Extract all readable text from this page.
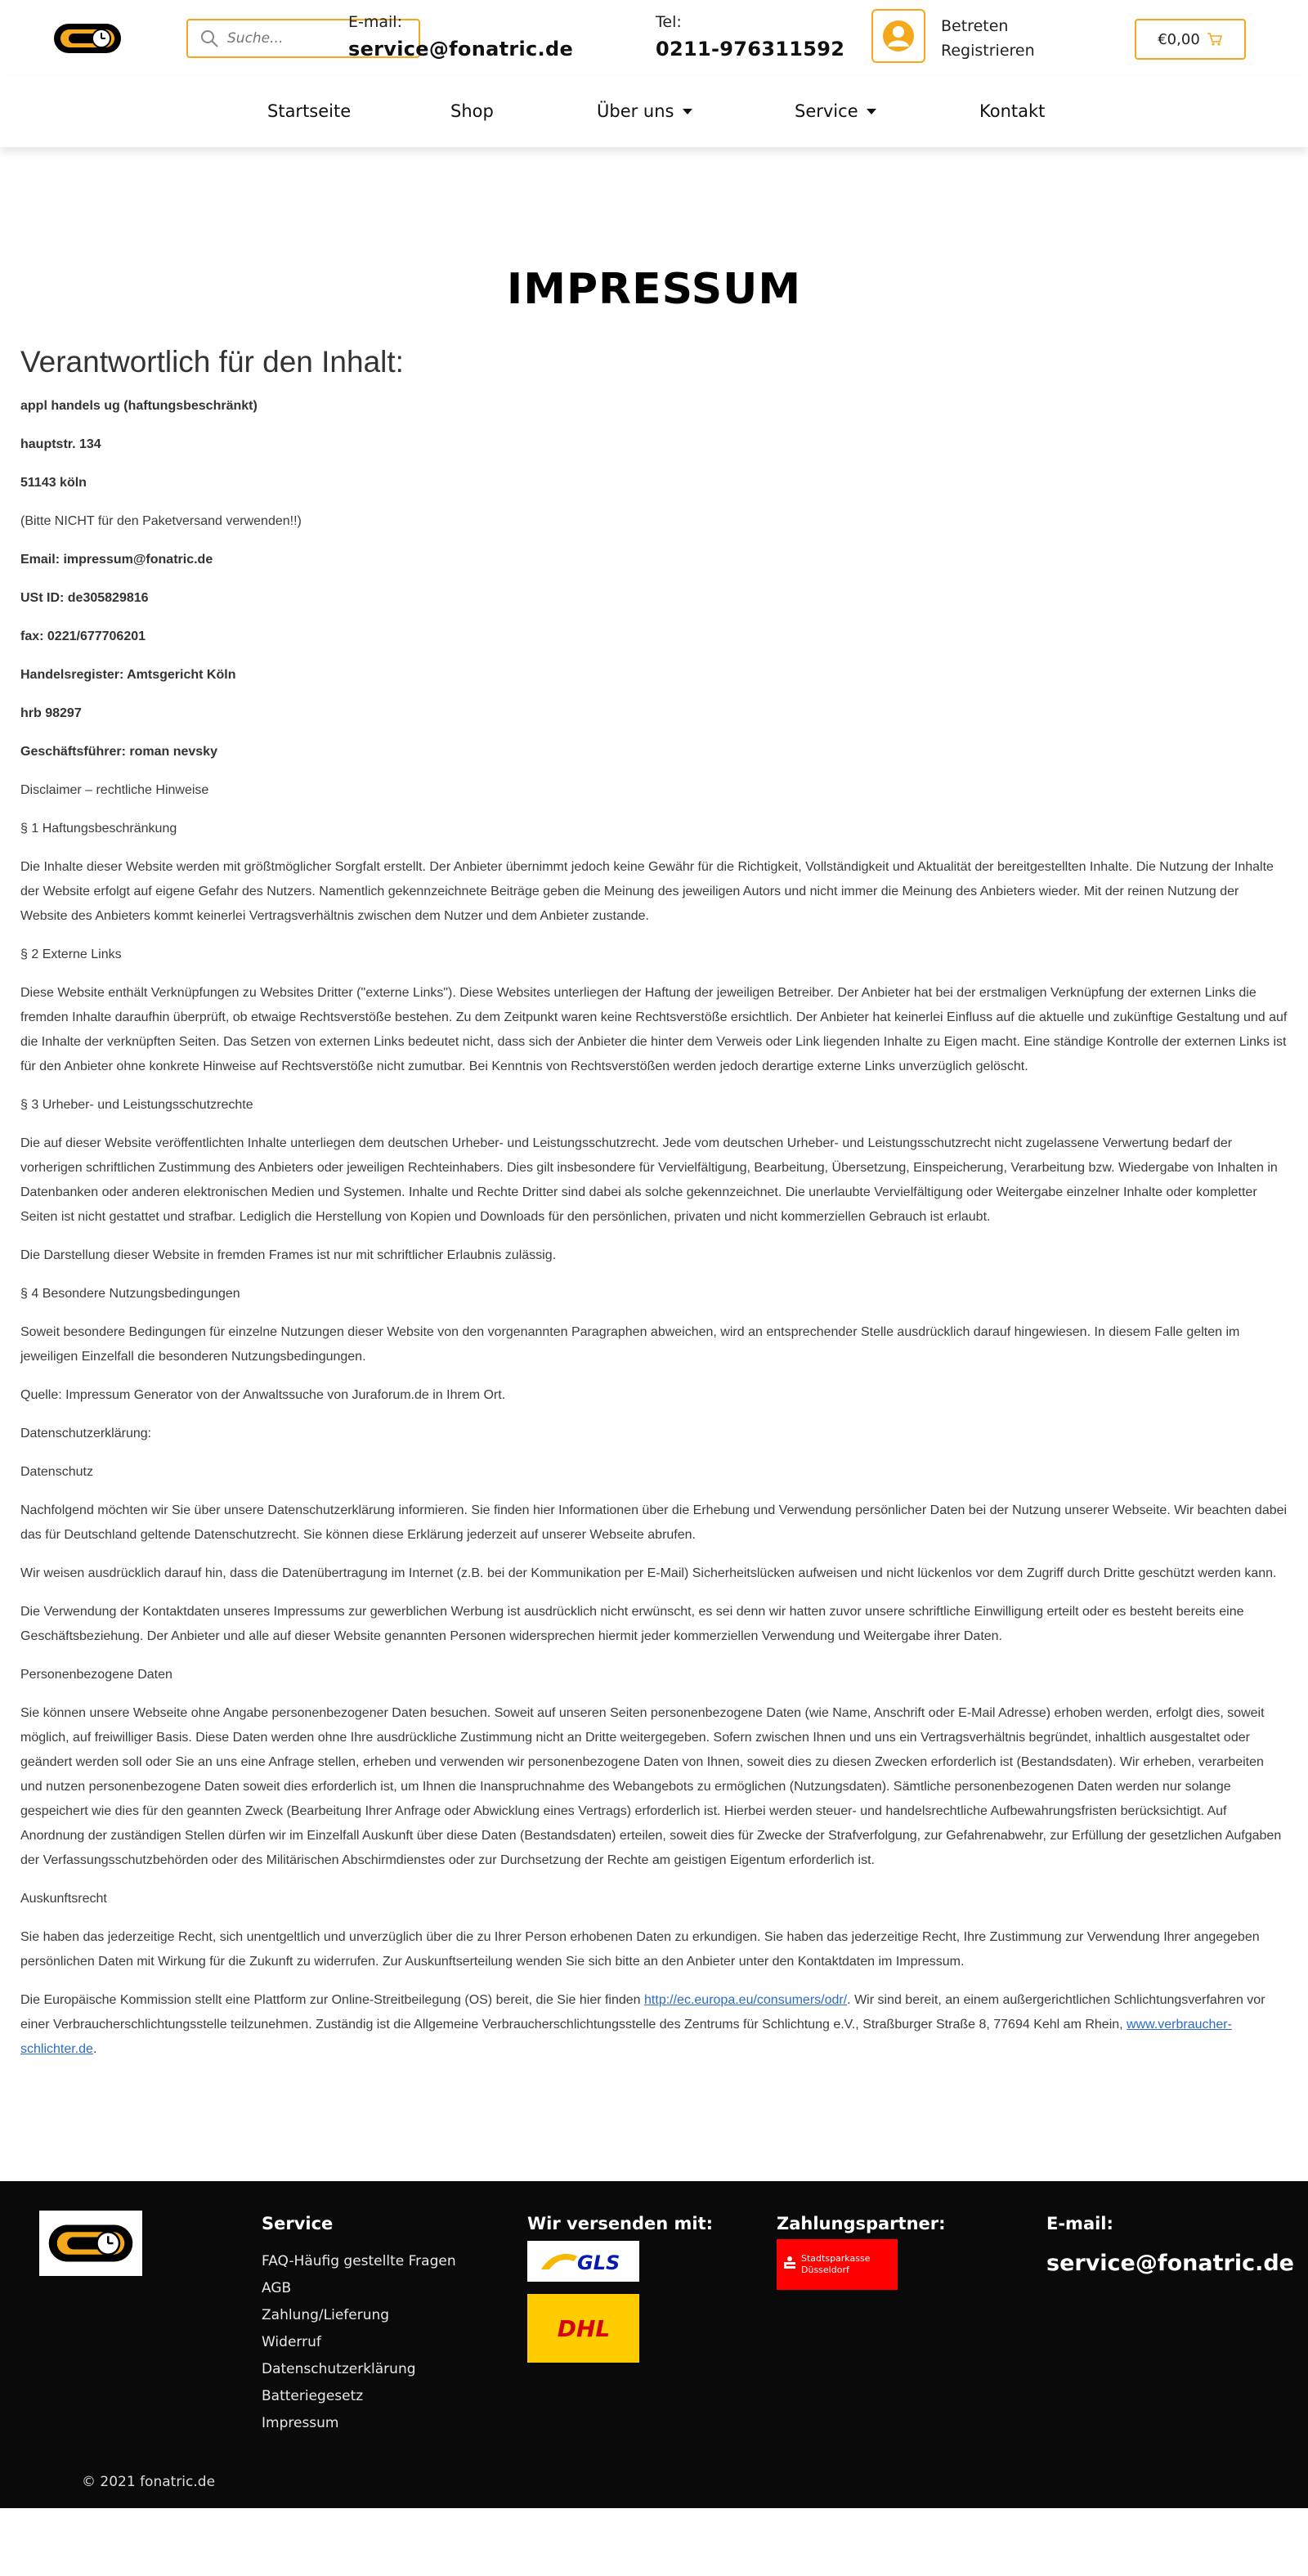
Suche...
E-mail:
service@fonatric.de
Tel:
0211-976311592
Betreten
Registrieren
€0,00
Startseite	Shop	Über uns	Service	Kontakt
IMPRESSUM
Verantwortlich für den Inhalt:

appl handels ug (haftungsbeschränkt)

hauptstr. 134

51143 köln

(Bitte NICHT für den Paketversand verwenden!!)

Email: impressum@fonatric.de

USt ID: de305829816

fax: 0221/677706201

Handelsregister: Amtsgericht Köln

hrb 98297

Geschäftsführer: roman nevsky

Disclaimer – rechtliche Hinweise

§ 1 Haftungsbeschränkung

Die Inhalte dieser Website werden mit größtmöglicher Sorgfalt erstellt. Der Anbieter übernimmt jedoch keine Gewähr für die Richtigkeit, Vollständigkeit und Aktualität der bereitgestellten Inhalte. Die Nutzung der Inhalte der Website erfolgt auf eigene Gefahr des Nutzers. Namentlich gekennzeichnete Beiträge geben die Meinung des jeweiligen Autors und nicht immer die Meinung des Anbieters wieder. Mit der reinen Nutzung der Website des Anbieters kommt keinerlei Vertragsverhältnis zwischen dem Nutzer und dem Anbieter zustande.

§ 2 Externe Links

Diese Website enthält Verknüpfungen zu Websites Dritter ("externe Links"). Diese Websites unterliegen der Haftung der jeweiligen Betreiber. Der Anbieter hat bei der erstmaligen Verknüpfung der externen Links die fremden Inhalte daraufhin überprüft, ob etwaige Rechtsverstöße bestehen. Zu dem Zeitpunkt waren keine Rechtsverstöße ersichtlich. Der Anbieter hat keinerlei Einfluss auf die aktuelle und zukünftige Gestaltung und auf die Inhalte der verknüpften Seiten. Das Setzen von externen Links bedeutet nicht, dass sich der Anbieter die hinter dem Verweis oder Link liegenden Inhalte zu Eigen macht. Eine ständige Kontrolle der externen Links ist für den Anbieter ohne konkrete Hinweise auf Rechtsverstöße nicht zumutbar. Bei Kenntnis von Rechtsverstößen werden jedoch derartige externe Links unverzüglich gelöscht.

§ 3 Urheber- und Leistungsschutzrechte

Die auf dieser Website veröffentlichten Inhalte unterliegen dem deutschen Urheber- und Leistungsschutzrecht. Jede vom deutschen Urheber- und Leistungsschutzrecht nicht zugelassene Verwertung bedarf der vorherigen schriftlichen Zustimmung des Anbieters oder jeweiligen Rechteinhabers. Dies gilt insbesondere für Vervielfältigung, Bearbeitung, Übersetzung, Einspeicherung, Verarbeitung bzw. Wiedergabe von Inhalten in Datenbanken oder anderen elektronischen Medien und Systemen. Inhalte und Rechte Dritter sind dabei als solche gekennzeichnet. Die unerlaubte Vervielfältigung oder Weitergabe einzelner Inhalte oder kompletter Seiten ist nicht gestattet und strafbar. Lediglich die Herstellung von Kopien und Downloads für den persönlichen, privaten und nicht kommerziellen Gebrauch ist erlaubt.

Die Darstellung dieser Website in fremden Frames ist nur mit schriftlicher Erlaubnis zulässig.

§ 4 Besondere Nutzungsbedingungen

Soweit besondere Bedingungen für einzelne Nutzungen dieser Website von den vorgenannten Paragraphen abweichen, wird an entsprechender Stelle ausdrücklich darauf hingewiesen. In diesem Falle gelten im jeweiligen Einzelfall die besonderen Nutzungsbedingungen.

Quelle: Impressum Generator von der Anwaltssuche von Juraforum.de in Ihrem Ort.

Datenschutzerklärung:

Datenschutz

Nachfolgend möchten wir Sie über unsere Datenschutzerklärung informieren. Sie finden hier Informationen über die Erhebung und Verwendung persönlicher Daten bei der Nutzung unserer Webseite. Wir beachten dabei das für Deutschland geltende Datenschutzrecht. Sie können diese Erklärung jederzeit auf unserer Webseite abrufen.

Wir weisen ausdrücklich darauf hin, dass die Datenübertragung im Internet (z.B. bei der Kommunikation per E-Mail) Sicherheitslücken aufweisen und nicht lückenlos vor dem Zugriff durch Dritte geschützt werden kann.

Die Verwendung der Kontaktdaten unseres Impressums zur gewerblichen Werbung ist ausdrücklich nicht erwünscht, es sei denn wir hatten zuvor unsere schriftliche Einwilligung erteilt oder es besteht bereits eine Geschäftsbeziehung. Der Anbieter und alle auf dieser Website genannten Personen widersprechen hiermit jeder kommerziellen Verwendung und Weitergabe ihrer Daten.

Personenbezogene Daten

Sie können unsere Webseite ohne Angabe personenbezogener Daten besuchen. Soweit auf unseren Seiten personenbezogene Daten (wie Name, Anschrift oder E-Mail Adresse) erhoben werden, erfolgt dies, soweit möglich, auf freiwilliger Basis. Diese Daten werden ohne Ihre ausdrückliche Zustimmung nicht an Dritte weitergegeben. Sofern zwischen Ihnen und uns ein Vertragsverhältnis begründet, inhaltlich ausgestaltet oder geändert werden soll oder Sie an uns eine Anfrage stellen, erheben und verwenden wir personenbezogene Daten von Ihnen, soweit dies zu diesen Zwecken erforderlich ist (Bestandsdaten). Wir erheben, verarbeiten und nutzen personenbezogene Daten soweit dies erforderlich ist, um Ihnen die Inanspruchnahme des Webangebots zu ermöglichen (Nutzungsdaten). Sämtliche personenbezogenen Daten werden nur solange gespeichert wie dies für den geannten Zweck (Bearbeitung Ihrer Anfrage oder Abwicklung eines Vertrags) erforderlich ist. Hierbei werden steuer- und handelsrechtliche Aufbewahrungsfristen berücksichtigt. Auf Anordnung der zuständigen Stellen dürfen wir im Einzelfall Auskunft über diese Daten (Bestandsdaten) erteilen, soweit dies für Zwecke der Strafverfolgung, zur Gefahrenabwehr, zur Erfüllung der gesetzlichen Aufgaben der Verfassungsschutzbehörden oder des Militärischen Abschirmdienstes oder zur Durchsetzung der Rechte am geistigen Eigentum erforderlich ist.

Auskunftsrecht

Sie haben das jederzeitige Recht, sich unentgeltlich und unverzüglich über die zu Ihrer Person erhobenen Daten zu erkundigen. Sie haben das jederzeitige Recht, Ihre Zustimmung zur Verwendung Ihrer angegeben persönlichen Daten mit Wirkung für die Zukunft zu widerrufen. Zur Auskunftserteilung wenden Sie sich bitte an den Anbieter unter den Kontaktdaten im Impressum.

Die Europäische Kommission stellt eine Plattform zur Online-Streitbeilegung (OS) bereit, die Sie hier finden http://ec.europa.eu/consumers/odr/. Wir sind bereit, an einem außergerichtlichen Schlichtungsverfahren vor einer Verbraucherschlichtungsstelle teilzunehmen. Zuständig ist die Allgemeine Verbraucherschlichtungsstelle des Zentrums für Schlichtung e.V., Straßburger Straße 8, 77694 Kehl am Rhein, www.verbraucher-schlichter.de.

Service
FAQ-Häufig gestellte Fragen
AGB
Zahlung/Lieferung
Widerruf
Datenschutzerklärung
Batteriegesetz
Impressum
Wir versenden mit:
GLS
DHL
Zahlungspartner:
Stadtsparkasse
Düsseldorf
E-mail:
service@fonatric.de
© 2021 fonatric.de
